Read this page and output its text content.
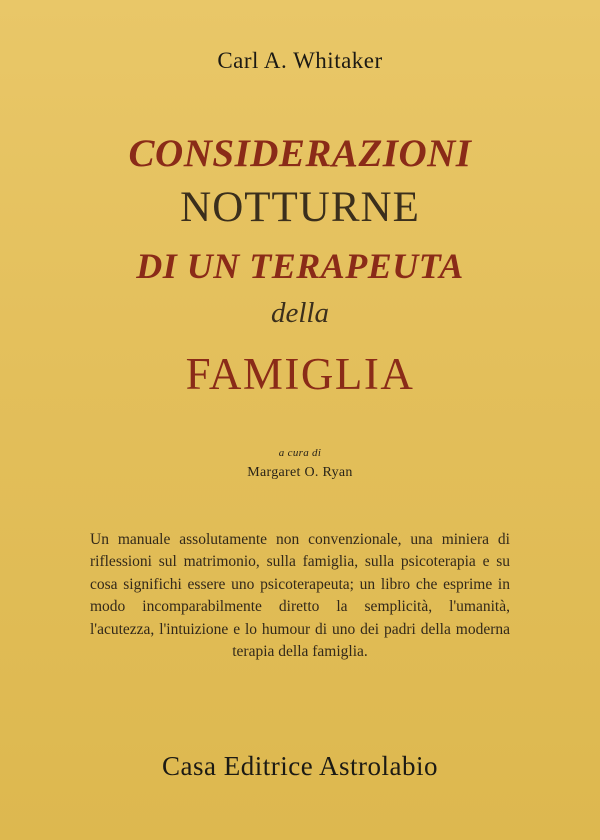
Carl A. Whitaker
CONSIDERAZIONI
NOTTURNE
DI UN TERAPEUTA
della
FAMIGLIA
a cura di
Margaret O. Ryan
Un manuale assolutamente non convenzionale, una miniera di riflessioni sul matrimonio, sulla famiglia, sulla psicoterapia e su cosa significhi essere uno psicoterapeuta; un libro che esprime in modo incomparabilmente diretto la semplicità, l'umanità, l'acutezza, l'intuizione e lo humour di uno dei padri della moderna terapia della famiglia.
Casa Editrice Astrolabio
